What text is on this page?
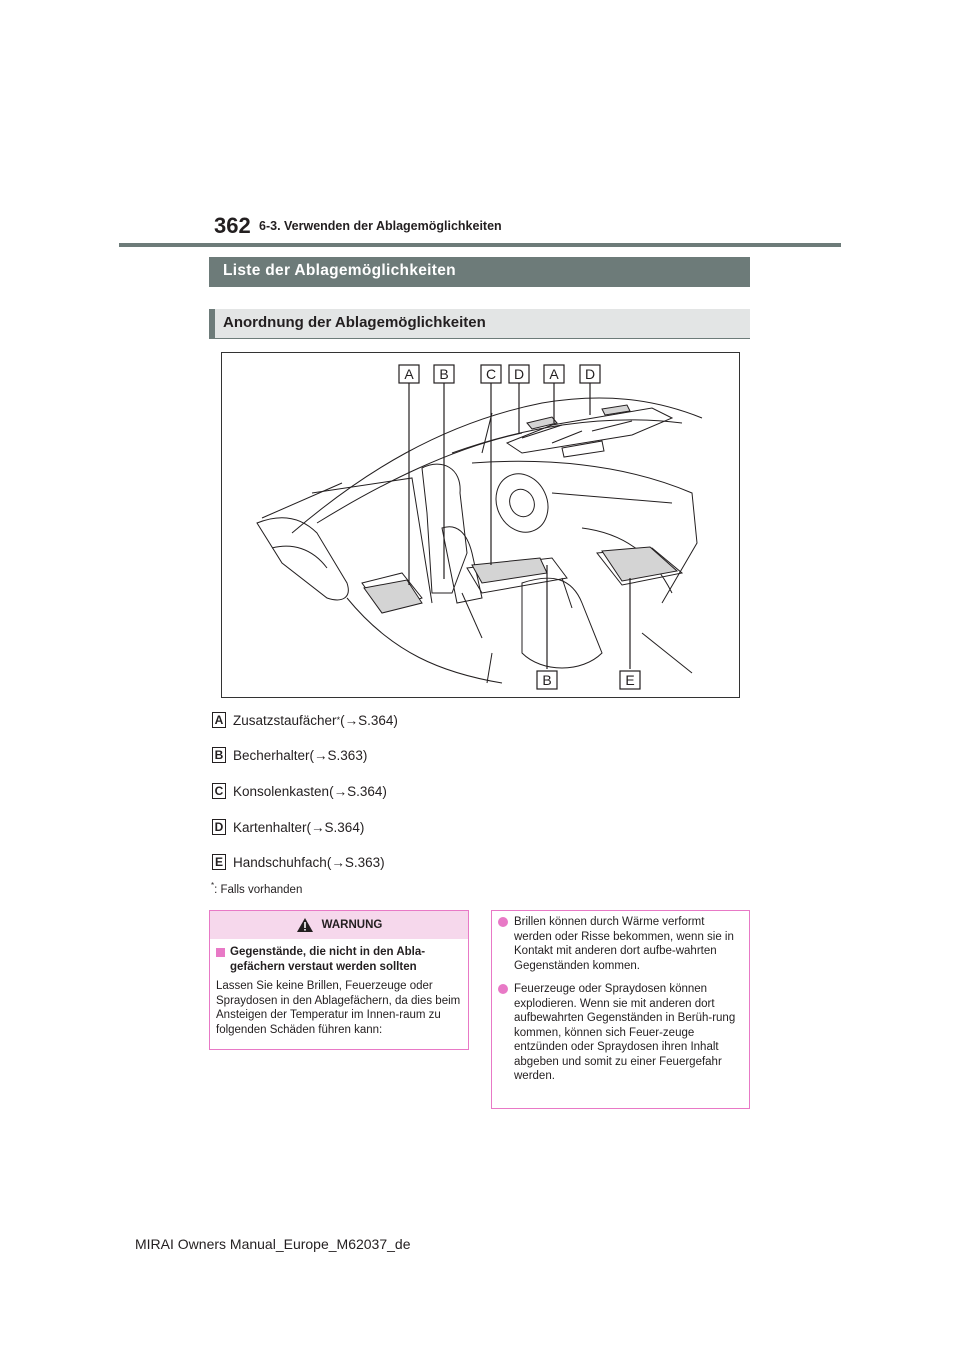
362 6-3. Verwenden der Ablagemöglichkeiten
Liste der Ablagemöglichkeiten
Anordnung der Ablagemöglichkeiten
A B	C D A D
B	E
A Zusatzstaufächer * (→S.364)
B Becherhalter (→S.363)
C Konsolenkasten (→S.364)
D Kartenhalter (→S.364)
E Handschuhfach (→S.363)
*: Falls vorhanden
WARNUNG
Gegenstände, die nicht in den Abla-gefächern verstaut werden sollten
Lassen Sie keine Brillen, Feuerzeuge oder Spraydosen in den Ablagefächern, da dies beim Ansteigen der Temperatur im Innen-raum zu folgenden Schäden führen kann:
Brillen können durch Wärme verformt werden oder Risse bekommen, wenn sie in Kontakt mit anderen dort aufbe-wahrten Gegenständen kommen.
Feuerzeuge oder Spraydosen können explodieren. Wenn sie mit anderen dort aufbewahrten Gegenständen in Berüh-rung kommen, können sich Feuer-zeuge entzünden oder Spraydosen ihren Inhalt abgeben und somit zu einer Feuergefahr werden.
MIRAI Owners Manual_Europe_M62037_de
